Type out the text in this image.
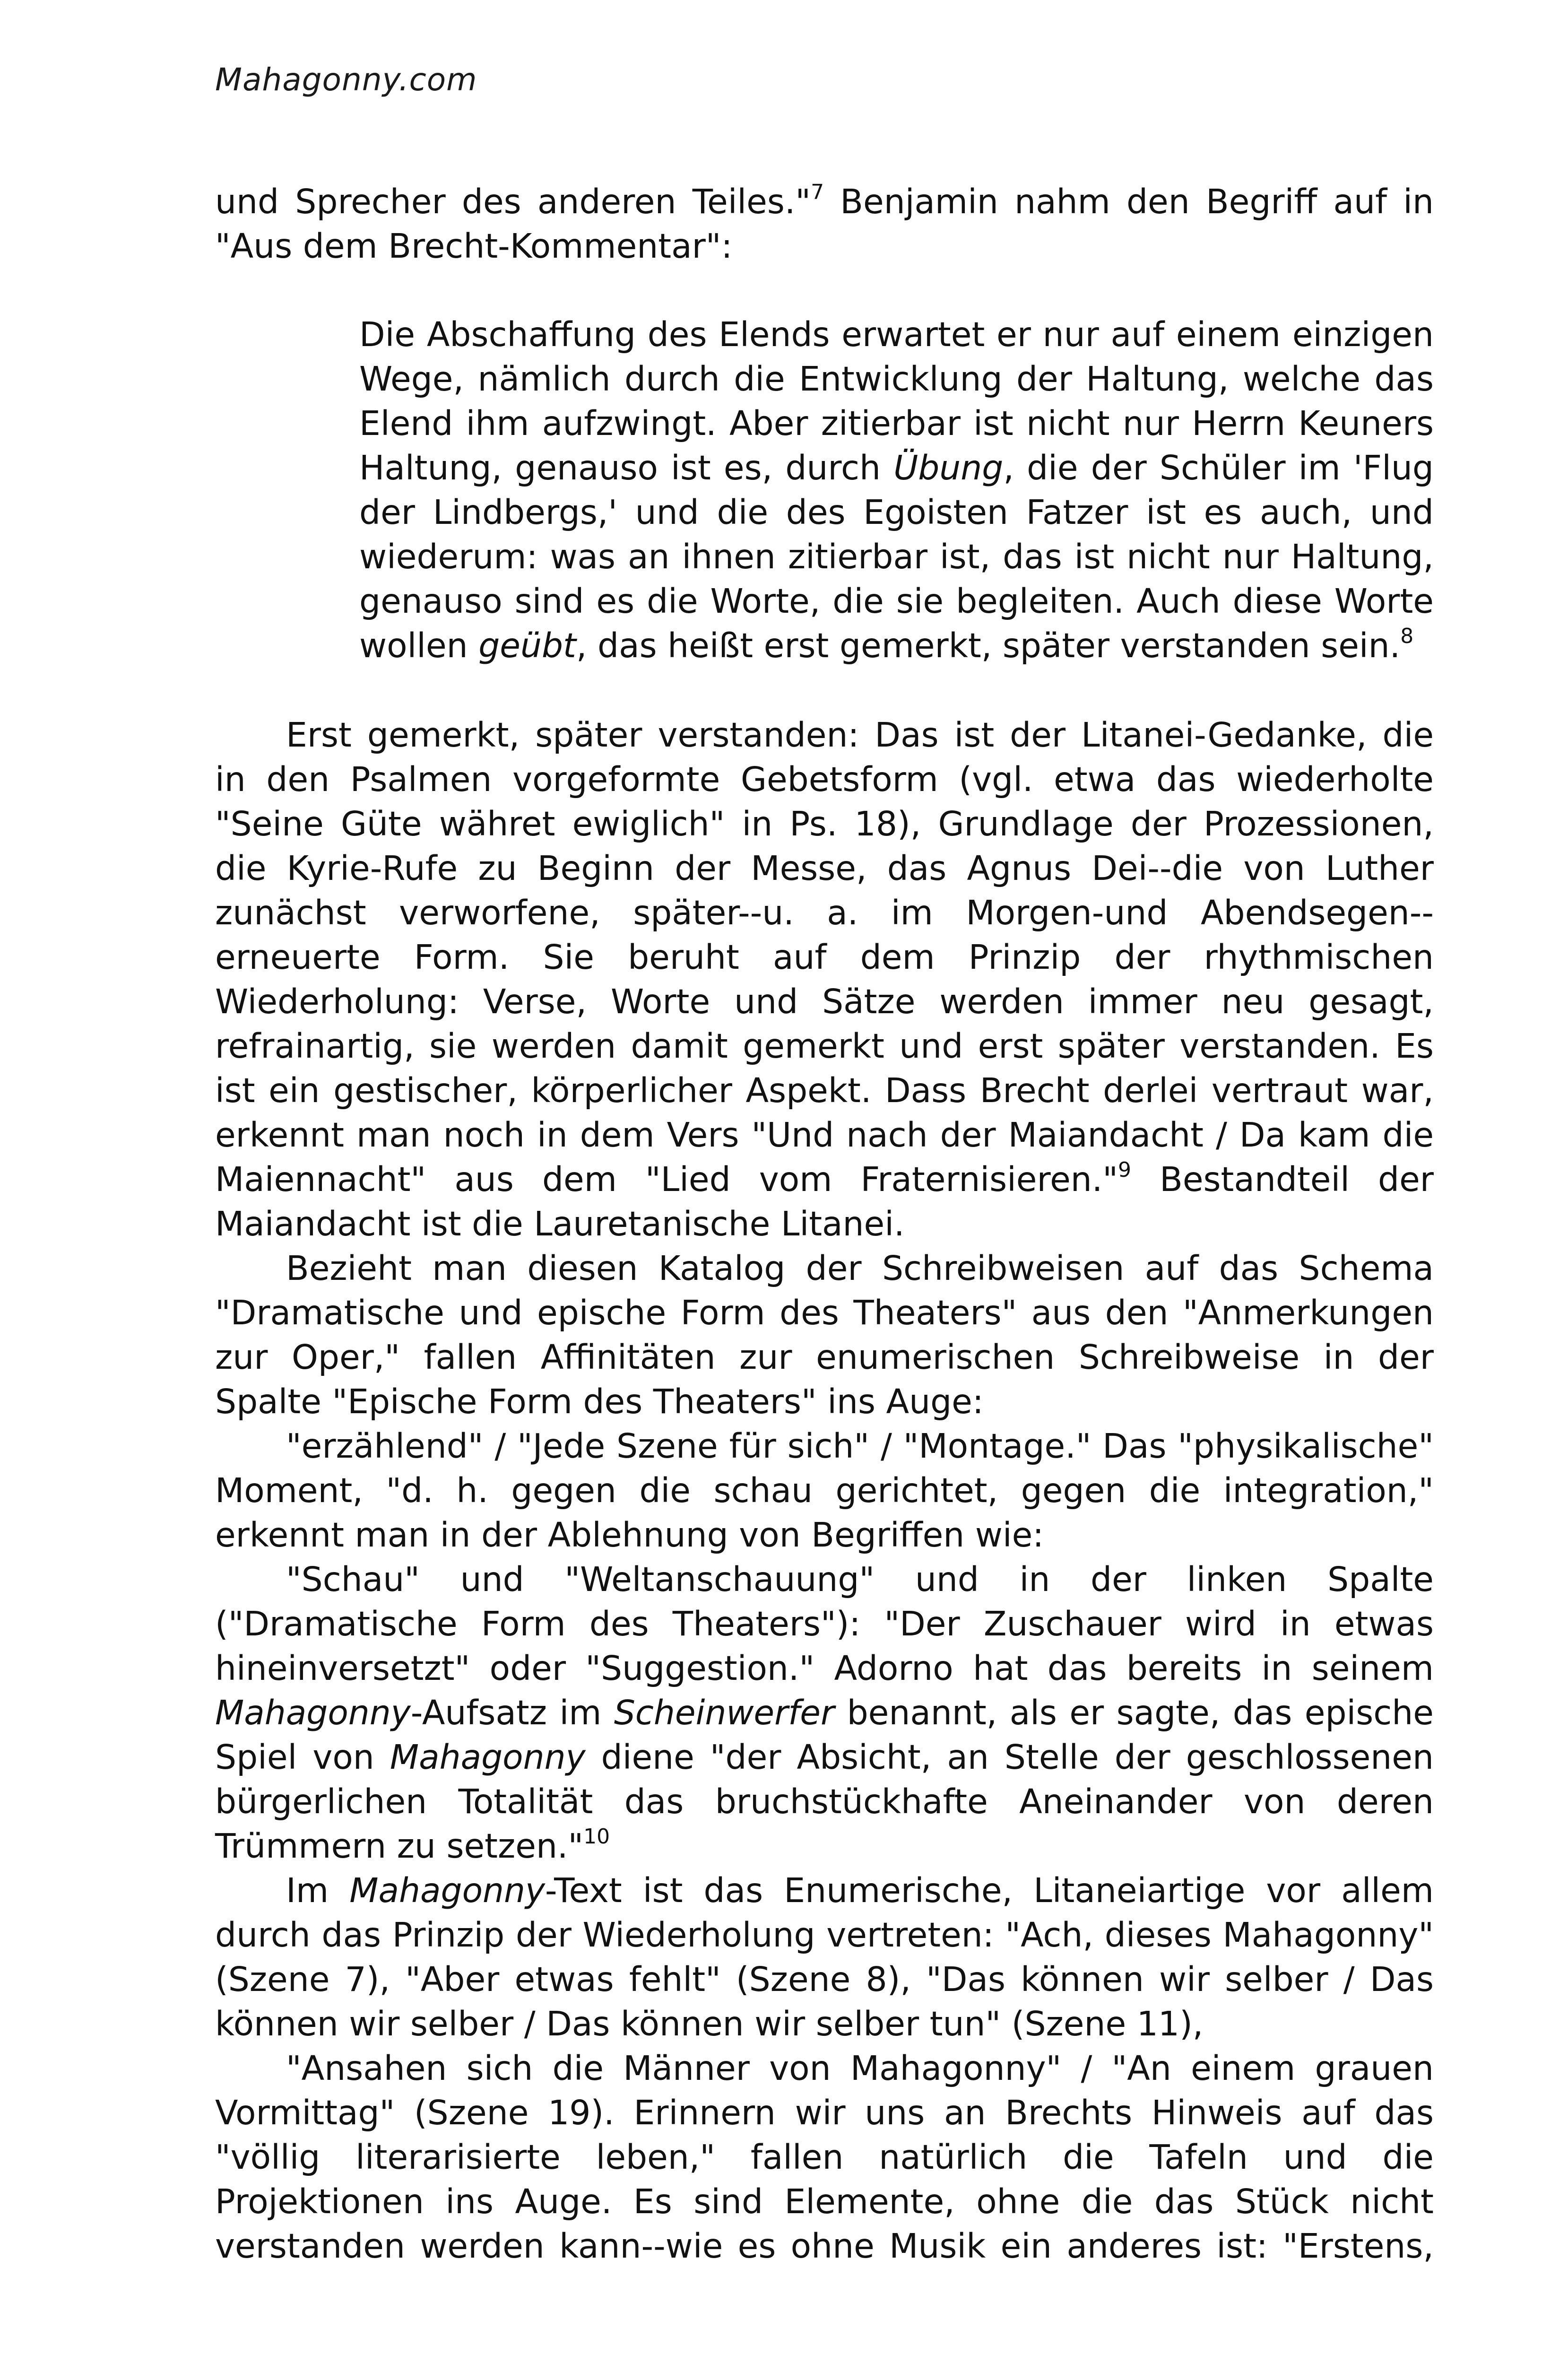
Mahagonny.com

und Sprecher des anderen Teiles."$^7$ Benjamin nahm den Begriff auf in "Aus dem Brecht-Kommentar":

Die Abschaffung des Elends erwartet er nur auf einem einzigen Wege, nämlich durch die Entwicklung der Haltung, welche das Elend ihm aufzwingt. Aber zitierbar ist nicht nur Herrn Keuners Haltung, genauso ist es, durch Übung, die der Schüler im 'Flug der Lindbergs,' und die des Egoisten Fatzer ist es auch, und wiederum: was an ihnen zitierbar ist, das ist nicht nur Haltung, genauso sind es die Worte, die sie begleiten. Auch diese Worte wollen geübt, das heißt erst gemerkt, später verstanden sein.$^8$

Erst gemerkt, später verstanden: Das ist der Litanei-Gedanke, die in den Psalmen vorgeformte Gebetsform (vgl. etwa das wiederholte "Seine Güte währet ewiglich" in Ps. 18), Grundlage der Prozessionen, die Kyrie-Rufe zu Beginn der Messe, das Agnus Dei--die von Luther zunächst verworfene, später--u. a. im Morgen-und Abendsegen--erneuerte Form. Sie beruht auf dem Prinzip der rhythmischen Wiederholung: Verse, Worte und Sätze werden immer neu gesagt, refrainartig, sie werden damit gemerkt und erst später verstanden. Es ist ein gestischer, körperlicher Aspekt. Dass Brecht derlei vertraut war, erkennt man noch in dem Vers "Und nach der Maiandacht / Da kam die Maiennacht" aus dem "Lied vom Fraternisieren."$^9$ Bestandteil der Maiandacht ist die Lauretanische Litanei.

Bezieht man diesen Katalog der Schreibweisen auf das Schema "Dramatische und epische Form des Theaters" aus den "Anmerkungen zur Oper," fallen Affinitäten zur enumerischen Schreibweise in der Spalte "Epische Form des Theaters" ins Auge:

"erzählend" / "Jede Szene für sich" / "Montage." Das "physikalische" Moment, "d. h. gegen die schau gerichtet, gegen die integration," erkennt man in der Ablehnung von Begriffen wie:

"Schau" und "Weltanschauung" und in der linken Spalte ("Dramatische Form des Theaters"): "Der Zuschauer wird in etwas hineinversetzt" oder "Suggestion." Adorno hat das bereits in seinem Mahagonny-Aufsatz im Scheinwerfer benannt, als er sagte, das epische Spiel von Mahagonny diene "der Absicht, an Stelle der geschlossenen bürgerlichen Totalität das bruchstückhafte Aneinander von deren Trümmern zu setzen."$^{10}$

Im Mahagonny-Text ist das Enumerische, Litaneiartige vor allem durch das Prinzip der Wiederholung vertreten: "Ach, dieses Mahagonny" (Szene 7), "Aber etwas fehlt" (Szene 8), "Das können wir selber / Das können wir selber / Das können wir selber tun" (Szene 11),

"Ansahen sich die Männer von Mahagonny" / "An einem grauen Vormittag" (Szene 19). Erinnern wir uns an Brechts Hinweis auf das "völlig literarisierte leben," fallen natürlich die Tafeln und die Projektionen ins Auge. Es sind Elemente, ohne die das Stück nicht verstanden werden kann--wie es ohne Musik ein anderes ist: "Erstens,
